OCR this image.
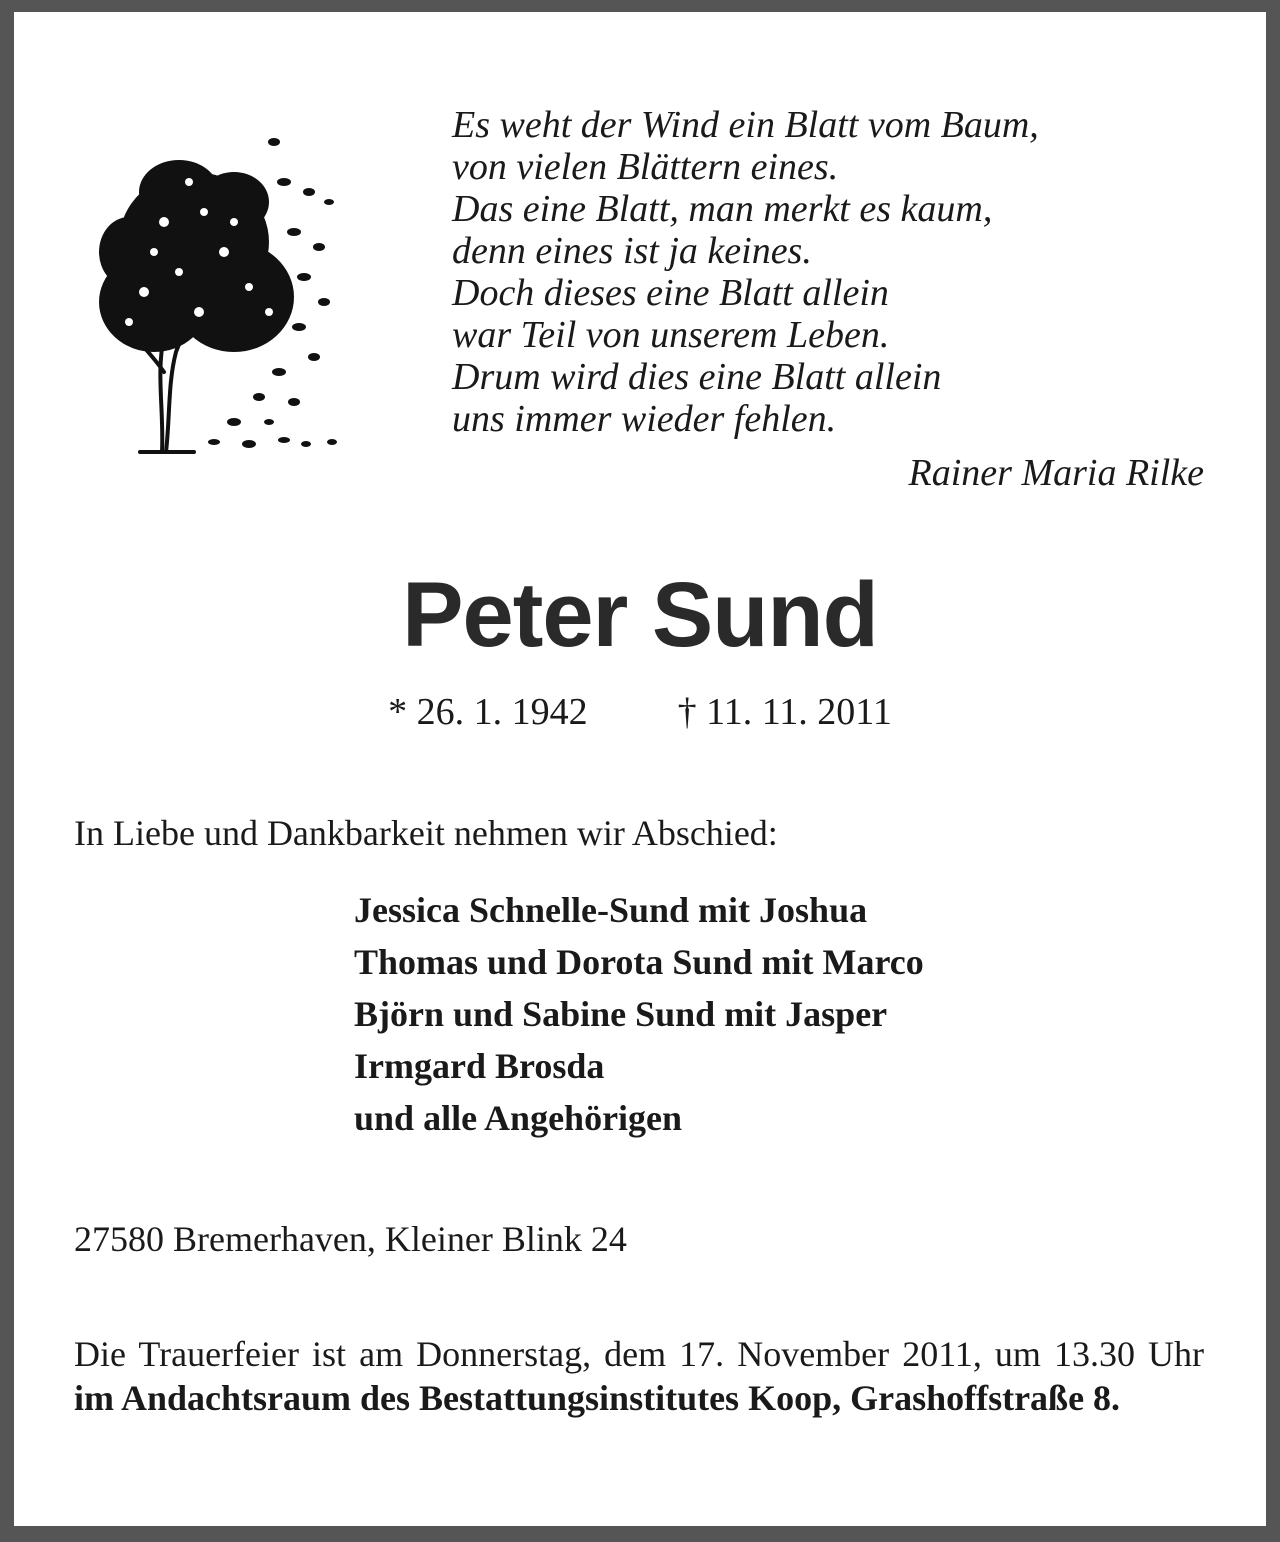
Es weht der Wind ein Blatt vom Baum,
von vielen Blättern eines.
Das eine Blatt, man merkt es kaum,
denn eines ist ja keines.
Doch dieses eine Blatt allein
war Teil von unserem Leben.
Drum wird dies eine Blatt allein
uns immer wieder fehlen.
Rainer Maria Rilke
Peter Sund
* 26. 1. 1942 † 11. 11. 2011
In Liebe und Dankbarkeit nehmen wir Abschied:
Jessica Schnelle-Sund mit Joshua
Thomas und Dorota Sund mit Marco
Björn und Sabine Sund mit Jasper
Irmgard Brosda
und alle Angehörigen
27580 Bremerhaven, Kleiner Blink 24
Die Trauerfeier ist am Donnerstag, dem 17. November 2011, um 13.30 Uhr im Andachtsraum des Bestattungsinstitutes Koop, Grashoffstraße 8.
